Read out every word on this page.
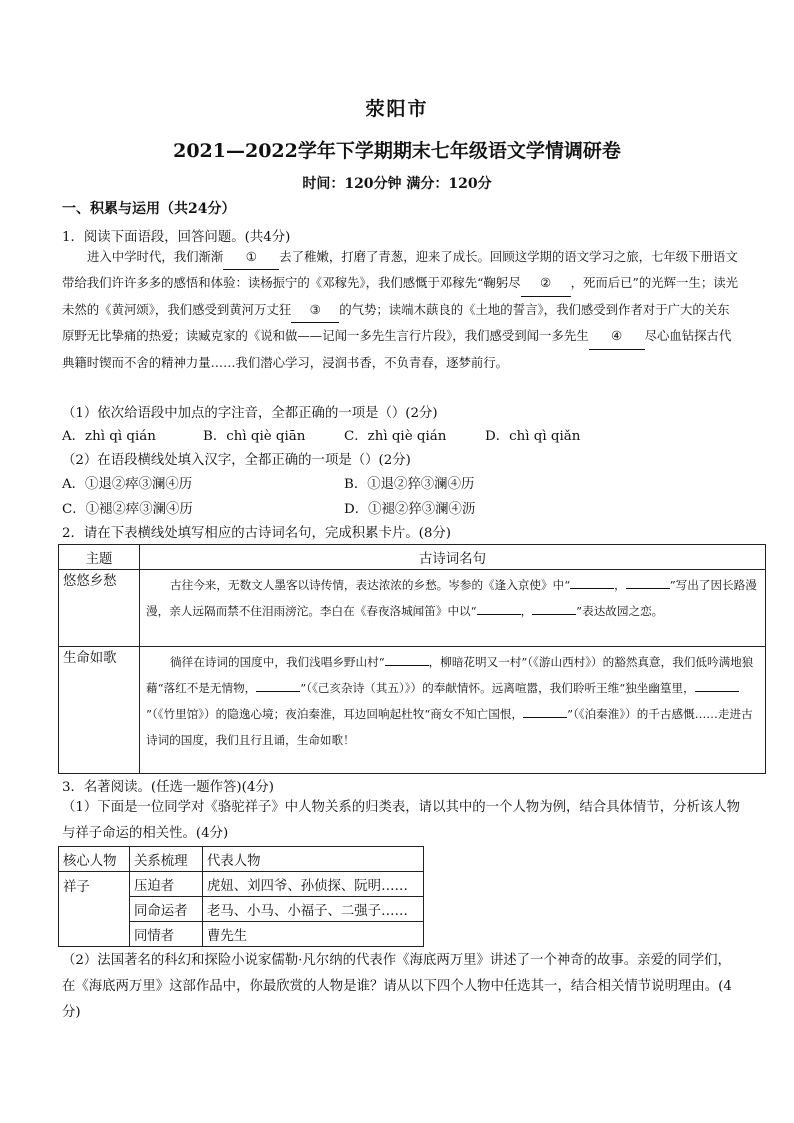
荥阳市
2021—2022学年下学期期末七年级语文学情调研卷
时间：120分钟 满分：120分
一、积累与运用（共24分）
1．阅读下面语段，回答问题。(共4分)
进入中学时代，我们渐渐 ① 去了稚嫩，打磨了青葱，迎来了成长。回顾这学期的语文学习之旅，七年级下册语文带给我们许许多多的感悟和体验：读杨振宁的《邓稼先》，我们感慨于邓稼先“鞠躬尽 ② ，死而后已”的光辉一生；读光未然的《黄河颂》，我们感受到黄河万丈狂 ③ 的气势；读端木蕻良的《土地的誓言》，我们感受到作者对于广大的关东原野无比挚痛的热爱；读臧克家的《说和做——记闻一多先生言行片段》，我们感受到闻一多先生 ④ 尽心血钻探古代典籍时锲而不舍的精神力量……我们潜心学习，浸润书香，不负青春，逐梦前行。
（1）依次给语段中加点的字注音，全都正确的一项是（）(2分)
A．zhì qì qián	B．chì qiè qiān	C．zhì qiè qián	D．chì qì qiǎn
（2）在语段横线处填入汉字，全都正确的一项是（）(2分)
A．①退②瘁③澜④历	B．①退②猝③澜④历
C．①褪②瘁③澜④历	D．①褪②猝③澜④沥
2．请在下表横线处填写相应的古诗词名句，完成积累卡片。(8分)
主题	古诗词名句
悠悠乡愁	古往今来，无数文人墨客以诗传情，表达浓浓的乡愁。岑参的《逢入京使》中“ ， ”写出了因长路漫漫，亲人远隔而禁不住泪雨滂沱。李白在《春夜洛城闻笛》中以“ ， ”表达故园之恋。
生命如歌	徜徉在诗词的国度中，我们浅唱乡野山村“ ，柳暗花明又一村”（《游山西村》）的豁然真意，我们低吟满地狼藉“落红不是无情物， ”（《己亥杂诗（其五）》）的奉献情怀。远离喧嚣，我们聆听王维“独坐幽篁里，”（《竹里馆》）的隐逸心境；夜泊秦淮，耳边回响起杜牧“商女不知亡国恨， ”（《泊秦淮》）的千古感慨……走进古诗词的国度，我们且行且诵，生命如歌！
3．名著阅读。(任选一题作答)(4分)
（1）下面是一位同学对《骆驼祥子》中人物关系的归类表，请以其中的一个人物为例，结合具体情节，分析该人物与祥子命运的相关性。(4分)
核心人物	关系梳理	代表人物
祥子	压迫者	虎妞、刘四爷、孙侦探、阮明……
	同命运者	老马、小马、小福子、二强子……
	同情者	曹先生
（2）法国著名的科幻和探险小说家儒勒·凡尔纳的代表作《海底两万里》讲述了一个神奇的故事。亲爱的同学们，在《海底两万里》这部作品中，你最欣赏的人物是谁？请从以下四个人物中任选其一，结合相关情节说明理由。(4分)
